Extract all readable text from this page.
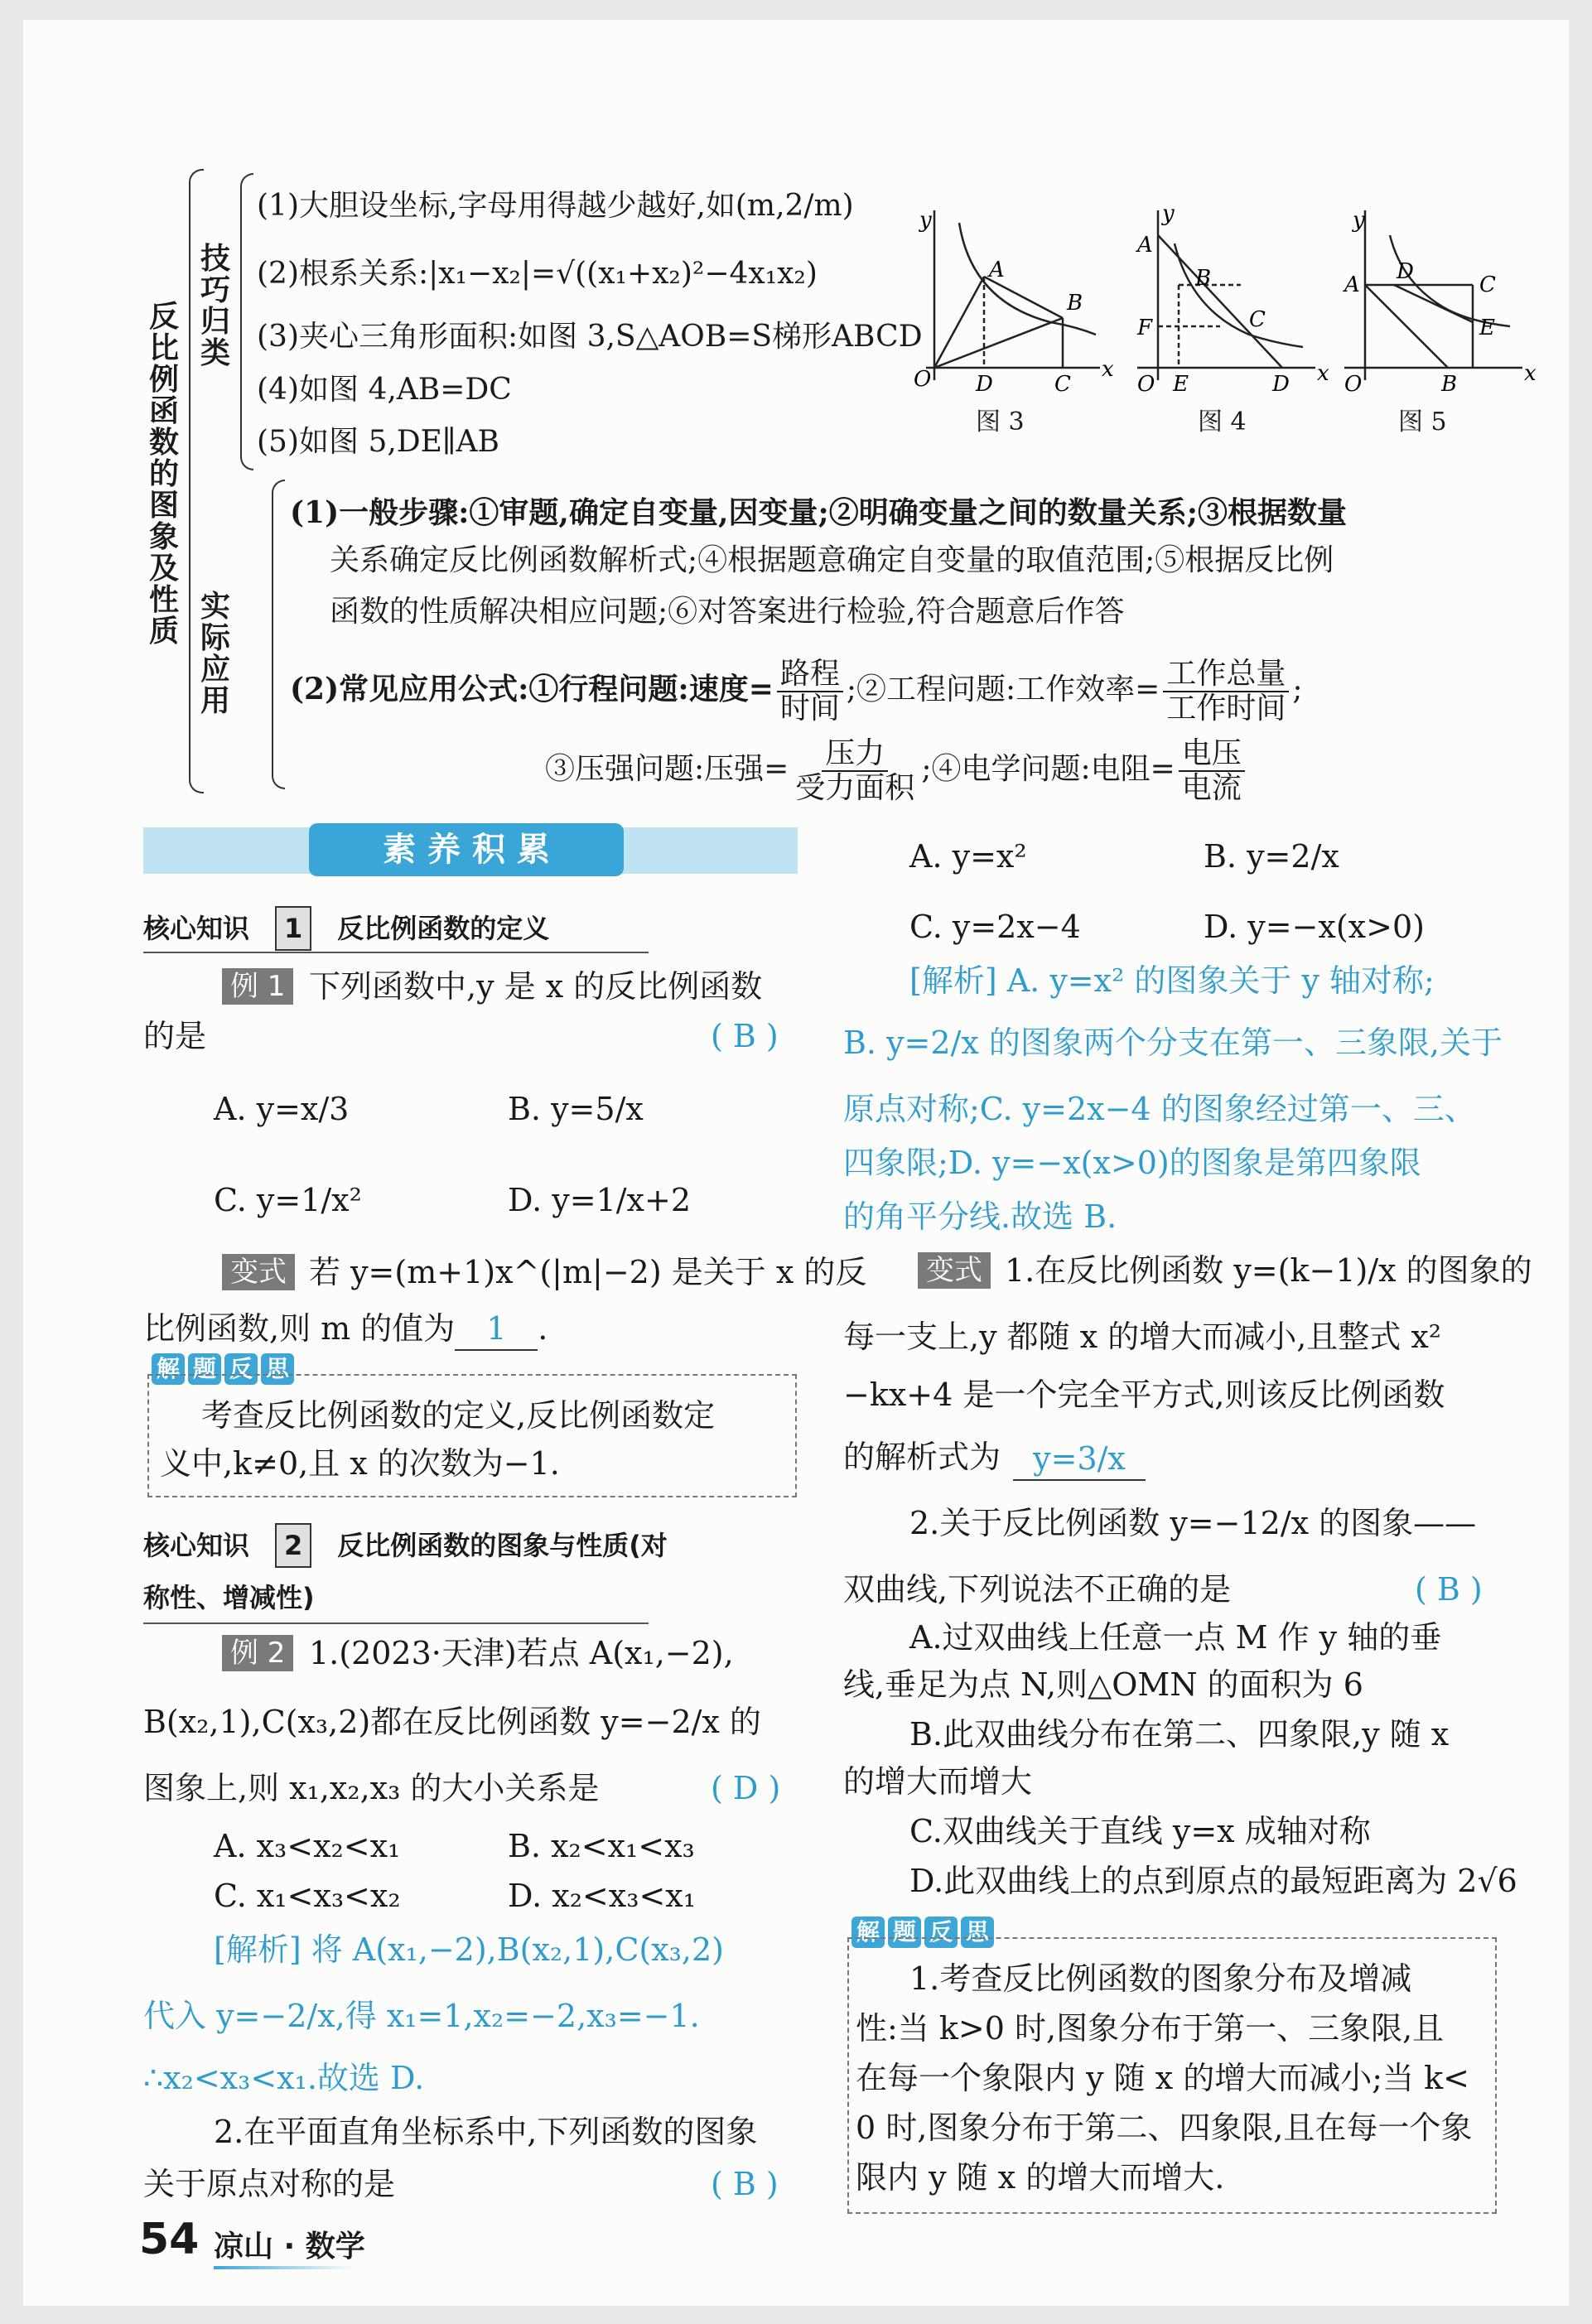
反
比
例
函
数
的
图
象
及
性
质
技
巧
归
类
(1)大胆设坐标,字母用得越少越好,如(m,2/m)
(2)根系关系:|x₁−x₂|=√((x₁+x₂)²−4x₁x₂)
(3)夹心三角形面积:如图 3,S△AOB=S梯形ABCD
(4)如图 4,AB=DC
(5)如图 5,DE∥AB
实
际
应
用
(1)一般步骤:①审题,确定自变量,因变量;②明确变量之间的数量关系;③根据数量
关系确定反比例函数解析式;④根据题意确定自变量的取值范围;⑤根据反比例
函数的性质解决相应问题;⑥对答案进行检验,符合题意后作答
(2)常见应用公式:①行程问题:速度= $\frac{\text{路程}}{\text{时间}}$ ;②工程问题:工作效率= $\frac{\text{工作总量}}{\text{工作时间}}$ ;
③压强问题:压强= $\frac{\text{压力}}{\text{受力面积}}$ ;④电学问题:电阻= $\frac{\text{电压}}{\text{电流}}$
y
A
B
O D	C
x
图 3
y
A
B
C
F
O E	D x
图 4
y
A
D
C
E
O	B	x
图 5
素 养 积 累
核心知识 1 反比例函数的定义
例 1 下列函数中,y 是 x 的反比例函数
的是	( B )
A. y=x/3	B. y=5/x
C. y=1/x²	D. y=1/x+2
变式 若 y=(m+1)x^(|m|−2) 是关于 x 的反
比例函数,则 m 的值为 1 .
解 题 反 思
考查反比例函数的定义,反比例函数定
义中,k≠0,且 x 的次数为−1.
核心知识 2 反比例函数的图象与性质(对
称性、增减性)
例 2 1.(2023·天津)若点 A(x₁,−2),
B(x₂,1),C(x₃,2)都在反比例函数 y=−2/x 的
图象上,则 x₁,x₂,x₃ 的大小关系是	( D )
A. x₃<x₂<x₁	B. x₂<x₁<x₃
C. x₁<x₃<x₂	D. x₂<x₃<x₁
[解析] 将 A(x₁,−2),B(x₂,1),C(x₃,2)
代入 y=−2/x,得 x₁=1,x₂=−2,x₃=−1.
∴x₂<x₃<x₁.故选 D.
2.在平面直角坐标系中,下列函数的图象
关于原点对称的是	( B )
A. y=x²	B. y=2/x
C. y=2x−4	D. y=−x(x>0)
[解析] A. y=x² 的图象关于 y 轴对称;
B. y=2/x 的图象两个分支在第一、三象限,关于
原点对称;C. y=2x−4 的图象经过第一、三、
四象限;D. y=−x(x>0)的图象是第四象限
的角平分线.故选 B.
变式 1.在反比例函数 y=(k−1)/x 的图象的
每一支上,y 都随 x 的增大而减小,且整式 x²
−kx+4 是一个完全平方式,则该反比例函数
的解析式为	y=3/x
2.关于反比例函数 y=−12/x 的图象——
双曲线,下列说法不正确的是	( B )
A.过双曲线上任意一点 M 作 y 轴的垂
线,垂足为点 N,则△OMN 的面积为 6
B.此双曲线分布在第二、四象限,y 随 x
的增大而增大
C.双曲线关于直线 y=x 成轴对称
D.此双曲线上的点到原点的最短距离为 2√6
解 题 反 思
1.考查反比例函数的图象分布及增减
性:当 k>0 时,图象分布于第一、三象限,且
在每一个象限内 y 随 x 的增大而减小;当 k<
0 时,图象分布于第二、四象限,且在每一个象
限内 y 随 x 的增大而增大.
54 凉山 · 数学
